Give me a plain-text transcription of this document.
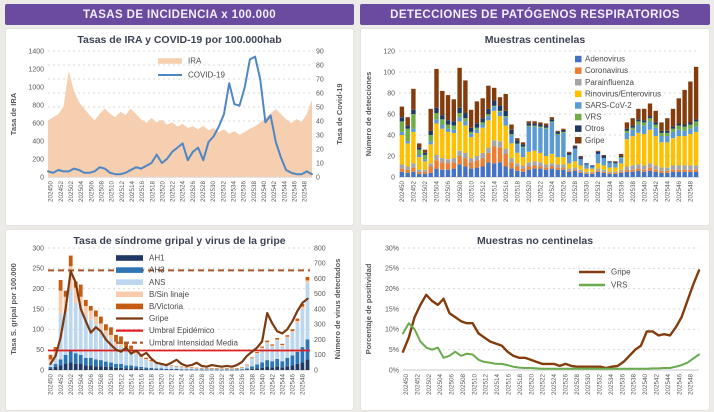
TASAS DE INCIDENCIA x 100.000
Tasas de IRA y COVID-19 por 100.000hab
0
200
400
600
800
1000
1200
1400
Tasa de IRA
0
10
20
30
40
50
60
70
80
90
Tasa de Covid-19
202450 202452 202502 202504 202506 202508 202510 202512 202514 202516 202518 202520 202522 202524 202526 202528 202530 202532 202534 202536 202538 202540 202542 202544 202546 202548
IRA
COVID-19
Tasa de síndrome gripal y virus de la gripe
0
50
100
150
200
250
300
Tasa S. gripal por 100.000
0
100
200
300
400
500
600
700
800
Número de virus detectados
202450 202452 202502 202504 202506 202508 202510 202512 202514 202516 202518 202520 202522 202524 202526 202528 202530 202532 202534 202536 202538 202540 202542 202544 202546 202548
AH1
AH3
ANS
B/Sin linaje
B/Victoria
Gripe
Umbral Epidémico
Umbral Intensidad Media
DETECCIONES DE PATÓGENOS RESPIRATORIOS
Muestras centinelas
0
20
40
60
80
100
120
Número de detecciones
202450 202452 202502 202504 202506 202508 202510 202512 202514 202516 202518 202520 202522 202524 202526 202528 202530 202532 202534 202536 202538 202540 202542 202544 202546 202548
Adenovirus
Coronavirus
Parainfluenza
Rinovirus/Enterovirus
SARS-CoV-2
VRS
Otros
Gripe
Muestras no centinelas
0%
5%
10%
15%
20%
25%
30%
Porcentaje de positividad
202450 202452 202502 202504 202506 202508 202510 202512 202514 202516 202518 202520 202522 202524 202526 202528 202530 202532 202534 202536 202538 202540 202542 202544 202546 202548
Gripe
VRS
